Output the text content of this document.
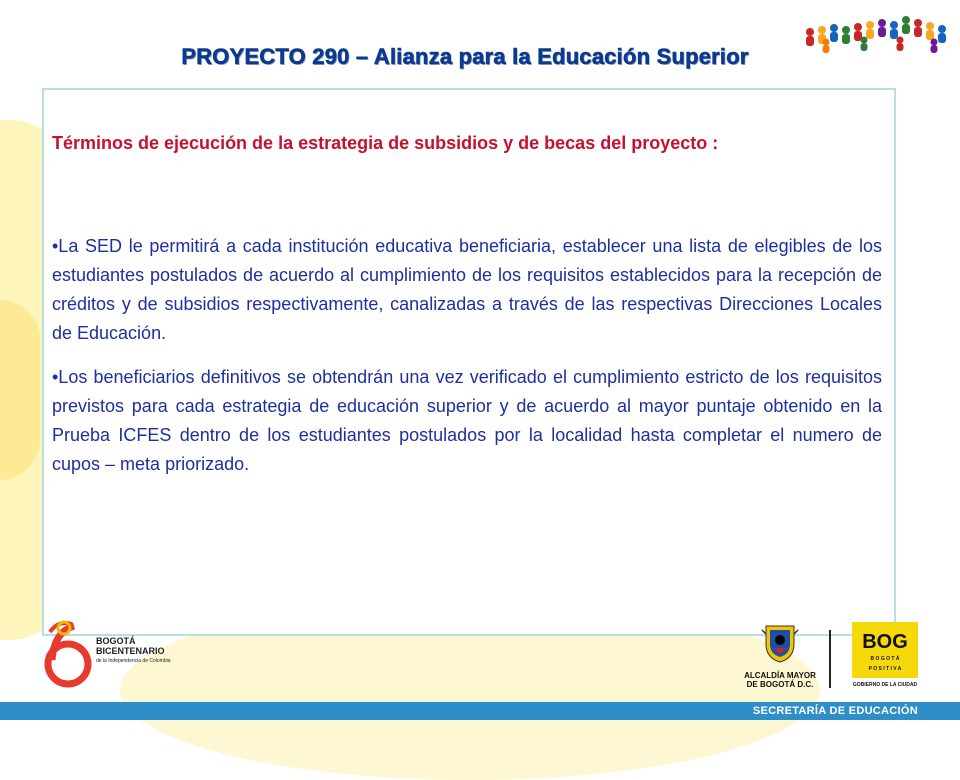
PROYECTO 290 – Alianza para la Educación Superior

Términos de ejecución de la estrategia de subsidios y de becas del proyecto :

•La SED le permitirá a cada institución educativa beneficiaria, establecer una lista de elegibles de los estudiantes postulados de acuerdo al cumplimiento de los requisitos establecidos para la recepción de créditos y de subsidios respectivamente, canalizadas a través de las respectivas Direcciones Locales de Educación.

•Los beneficiarios definitivos se obtendrán una vez verificado el cumplimiento estricto de los requisitos previstos para cada estrategia de educación superior y de acuerdo al mayor puntaje obtenido en la Prueba ICFES dentro de los estudiantes postulados por la localidad hasta completar el numero de cupos – meta priorizado.

BOGOTÁ
BICENTENARIO
de la Independencia de Colombia
ALCALDÍA MAYOR
DE BOGOTÁ D.C.
BOG
B O G O T Á
P O S I T I V A
GOBIERNO DE LA CIUDAD
SECRETARÍA DE EDUCACIÓN
